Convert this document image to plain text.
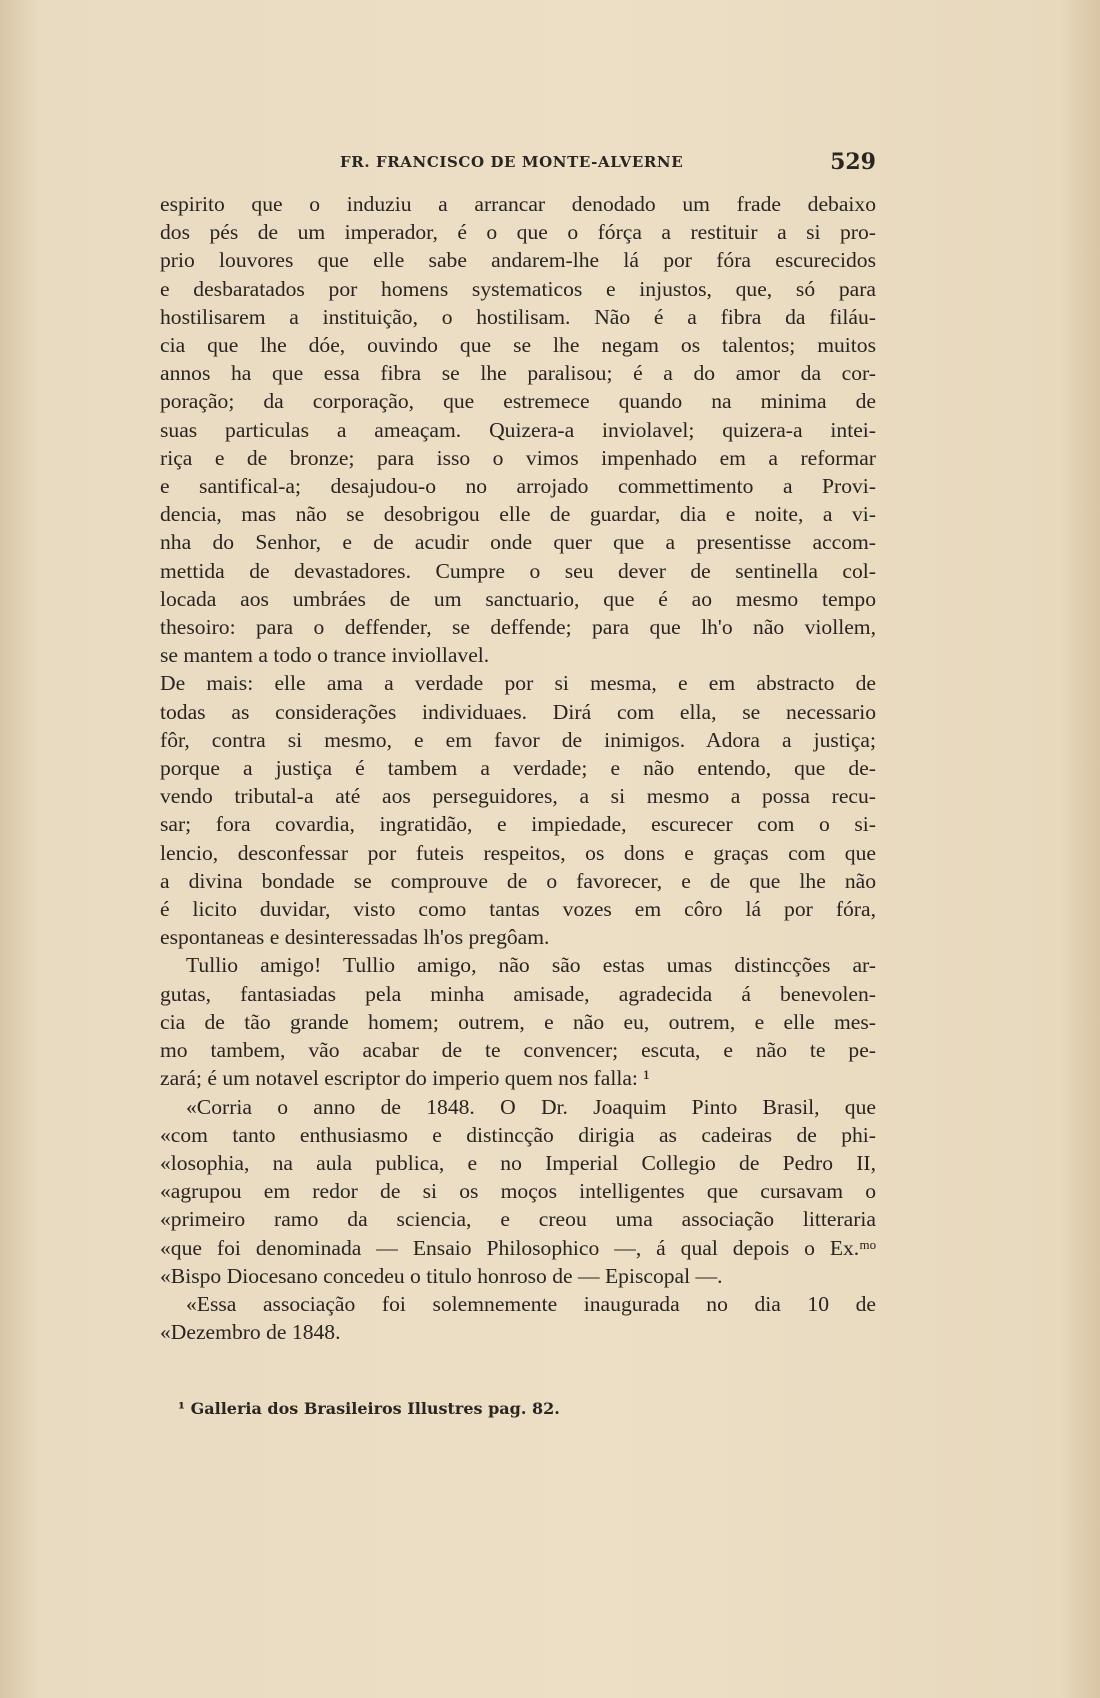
FR. FRANCISCO DE MONTE-ALVERNE	529
espirito que o induziu a arrancar denodado um frade debaixo
dos pés de um imperador, é o que o fórça a restituir a si pro-
prio louvores que elle sabe andarem-lhe lá por fóra escurecidos
e desbaratados por homens systematicos e injustos, que, só para
hostilisarem a instituição, o hostilisam. Não é a fibra da filáu-
cia que lhe dóe, ouvindo que se lhe negam os talentos; muitos
annos ha que essa fibra se lhe paralisou; é a do amor da cor-
poração; da corporação, que estremece quando na minima de
suas particulas a ameaçam. Quizera-a inviolavel; quizera-a intei-
riça e de bronze; para isso o vimos impenhado em a reformar
e santifical-a; desajudou-o no arrojado commettimento a Provi-
dencia, mas não se desobrigou elle de guardar, dia e noite, a vi-
nha do Senhor, e de acudir onde quer que a presentisse accom-
mettida de devastadores. Cumpre o seu dever de sentinella col-
locada aos umbráes de um sanctuario, que é ao mesmo tempo
thesoiro: para o deffender, se deffende; para que lh'o não viollem,
se mantem a todo o trance inviollavel.
De mais: elle ama a verdade por si mesma, e em abstracto de
todas as considerações individuaes. Dirá com ella, se necessario
fôr, contra si mesmo, e em favor de inimigos. Adora a justiça;
porque a justiça é tambem a verdade; e não entendo, que de-
vendo tributal-a até aos perseguidores, a si mesmo a possa recu-
sar; fora covardia, ingratidão, e impiedade, escurecer com o si-
lencio, desconfessar por futeis respeitos, os dons e graças com que
a divina bondade se comprouve de o favorecer, e de que lhe não
é licito duvidar, visto como tantas vozes em côro lá por fóra,
espontaneas e desinteressadas lh'os pregôam.
Tullio amigo! Tullio amigo, não são estas umas distincções ar-
gutas, fantasiadas pela minha amisade, agradecida á benevolen-
cia de tão grande homem; outrem, e não eu, outrem, e elle mes-
mo tambem, vão acabar de te convencer; escuta, e não te pe-
zará; é um notavel escriptor do imperio quem nos falla: ¹
«Corria o anno de 1848. O Dr. Joaquim Pinto Brasil, que
«com tanto enthusiasmo e distincção dirigia as cadeiras de phi-
«losophia, na aula publica, e no Imperial Collegio de Pedro II,
«agrupou em redor de si os moços intelligentes que cursavam o
«primeiro ramo da sciencia, e creou uma associação litteraria
«que foi denominada — Ensaio Philosophico —, á qual depois o Ex.ᵐᵒ
«Bispo Diocesano concedeu o titulo honroso de — Episcopal —.
«Essa associação foi solemnemente inaugurada no dia 10 de
«Dezembro de 1848.
¹ Galleria dos Brasileiros Illustres pag. 82.
